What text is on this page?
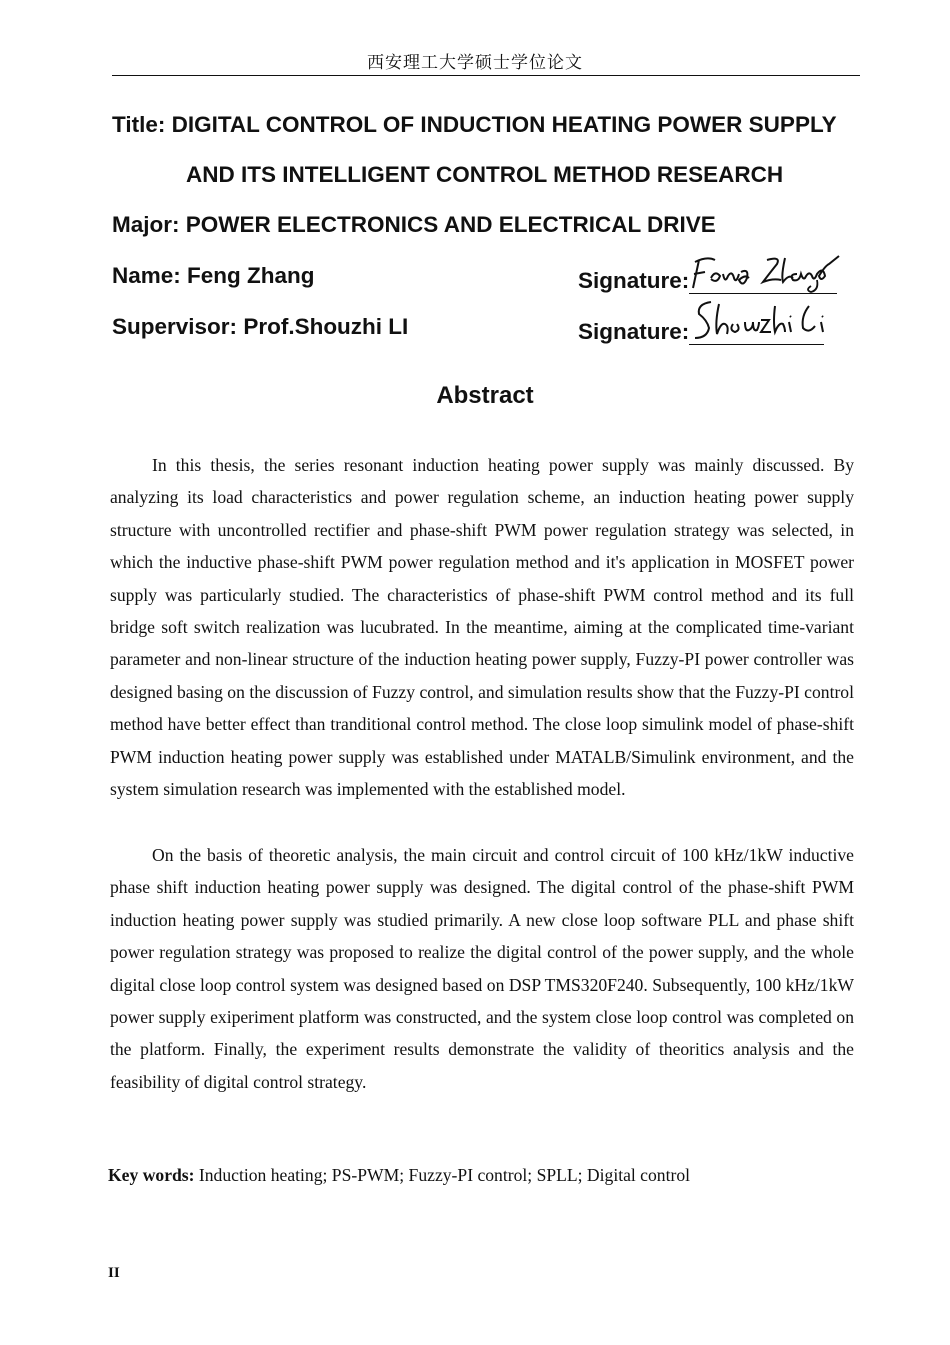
西安理工大学硕士学位论文
Title: DIGITAL CONTROL OF INDUCTION HEATING POWER SUPPLY
AND ITS INTELLIGENT CONTROL METHOD RESEARCH
Major: POWER ELECTRONICS AND ELECTRICAL DRIVE
Name: Feng Zhang
Supervisor: Prof.Shouzhi LI
Signature:
Signature:
Abstract

In this thesis, the series resonant induction heating power supply was mainly discussed. By analyzing its load characteristics and power regulation scheme, an induction heating power supply structure with uncontrolled rectifier and phase-shift PWM power regulation strategy was selected, in which the inductive phase-shift PWM power regulation method and it's application in MOSFET power supply was particularly studied. The characteristics of phase-shift PWM control method and its full bridge soft switch realization was lucubrated. In the meantime, aiming at the complicated time-variant parameter and non-linear structure of the induction heating power supply, Fuzzy-PI power controller was designed basing on the discussion of Fuzzy control, and simulation results show that the Fuzzy-PI control method have better effect than tranditional control method. The close loop simulink model of phase-shift PWM induction heating power supply was established under MATALB/Simulink environment, and the system simulation research was implemented with the established model.

On the basis of theoretic analysis, the main circuit and control circuit of 100 kHz/1kW inductive phase shift induction heating power supply was designed. The digital control of the phase-shift PWM induction heating power supply was studied primarily. A new close loop software PLL and phase shift power regulation strategy was proposed to realize the digital control of the power supply, and the whole digital close loop control system was designed based on DSP TMS320F240. Subsequently, 100 kHz/1kW power supply exiperiment platform was constructed, and the system close loop control was completed on the platform. Finally, the experiment results demonstrate the validity of theoritics analysis and the feasibility of digital control strategy.

Key words: Induction heating; PS-PWM; Fuzzy-PI control; SPLL; Digital control
II
